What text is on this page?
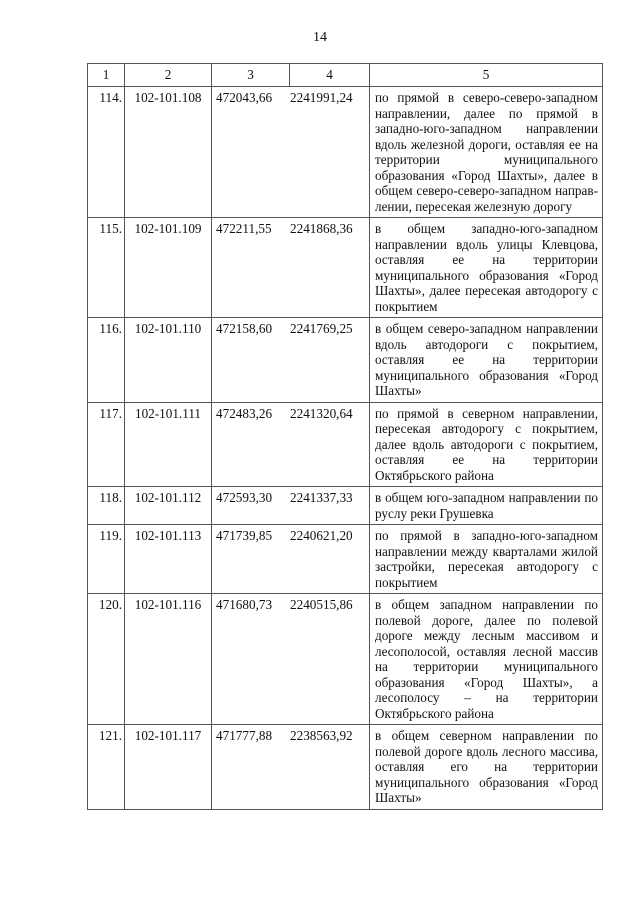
14
1	2	3	4	5
114.	102-101.108	472043,66 2241991,24		по прямой в северо-северо-западном направлении, далее по прямой в западно-юго-западном направлении вдоль железной дороги, оставляя ее на территории муниципального образования «Город Шахты», далее в общем северо-северо-западном направлении, пересекая железную дорогу
115.	102-101.109	472211,55 2241868,36		в общем западно-юго-западном направлении вдоль улицы Клевцова, оставляя ее на территории муниципального образования «Город Шахты», далее пересекая автодорогу с покрытием
116.	102-101.110	472158,60 2241769,25		в общем северо-западном направлении вдоль автодороги с покрытием, оставляя ее на территории муниципального образования «Город Шахты»
117.	102-101.111	472483,26 2241320,64		по прямой в северном направлении, пересекая автодорогу с покрытием, далее вдоль автодороги с покрытием, оставляя ее на территории Октябрьского района
118.	102-101.112	472593,30 2241337,33		в общем юго-западном направлении по руслу реки Грушевка
119.	102-101.113	471739,85 2240621,20		по прямой в западно-юго-западном направлении между кварталами жилой застройки, пересекая автодорогу с покрытием
120.	102-101.116	471680,73 2240515,86		в общем западном направлении по полевой дороге, далее по полевой дороге между лесным массивом и лесополосой, оставляя лесной массив на территории муниципального образования «Город Шахты», а лесополосу – на территории Октябрьского района
121.	102-101.117	471777,88 2238563,92		в общем северном направлении по полевой дороге вдоль лесного массива, оставляя его на территории муниципального образования «Город Шахты»
